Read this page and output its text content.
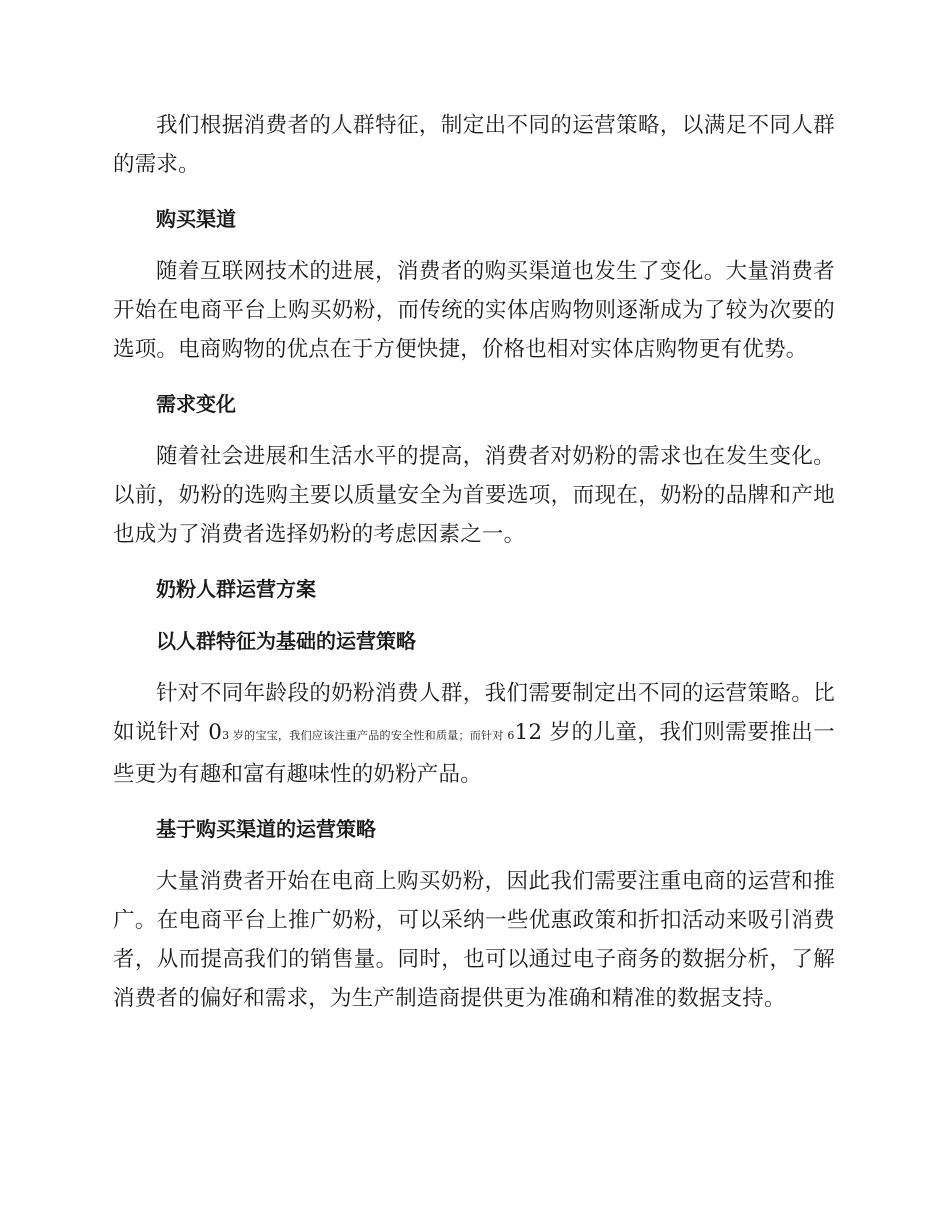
我们根据消费者的人群特征，制定出不同的运营策略，以满足不同人群的需求。

购买渠道

随着互联网技术的进展，消费者的购买渠道也发生了变化。大量消费者开始在电商平台上购买奶粉，而传统的实体店购物则逐渐成为了较为次要的选项。电商购物的优点在于方便快捷，价格也相对实体店购物更有优势。

需求变化

随着社会进展和生活水平的提高，消费者对奶粉的需求也在发生变化。以前，奶粉的选购主要以质量安全为首要选项，而现在，奶粉的品牌和产地也成为了消费者选择奶粉的考虑因素之一。

奶粉人群运营方案

以人群特征为基础的运营策略

针对不同年龄段的奶粉消费人群，我们需要制定出不同的运营策略。比如说针对 03 岁的宝宝，我们应该注重产品的安全性和质量；而针对 612 岁的儿童，我们则需要推出一些更为有趣和富有趣味性的奶粉产品。

基于购买渠道的运营策略

大量消费者开始在电商上购买奶粉，因此我们需要注重电商的运营和推广。在电商平台上推广奶粉，可以采纳一些优惠政策和折扣活动来吸引消费者，从而提高我们的销售量。同时，也可以通过电子商务的数据分析，了解消费者的偏好和需求，为生产制造商提供更为准确和精准的数据支持。
